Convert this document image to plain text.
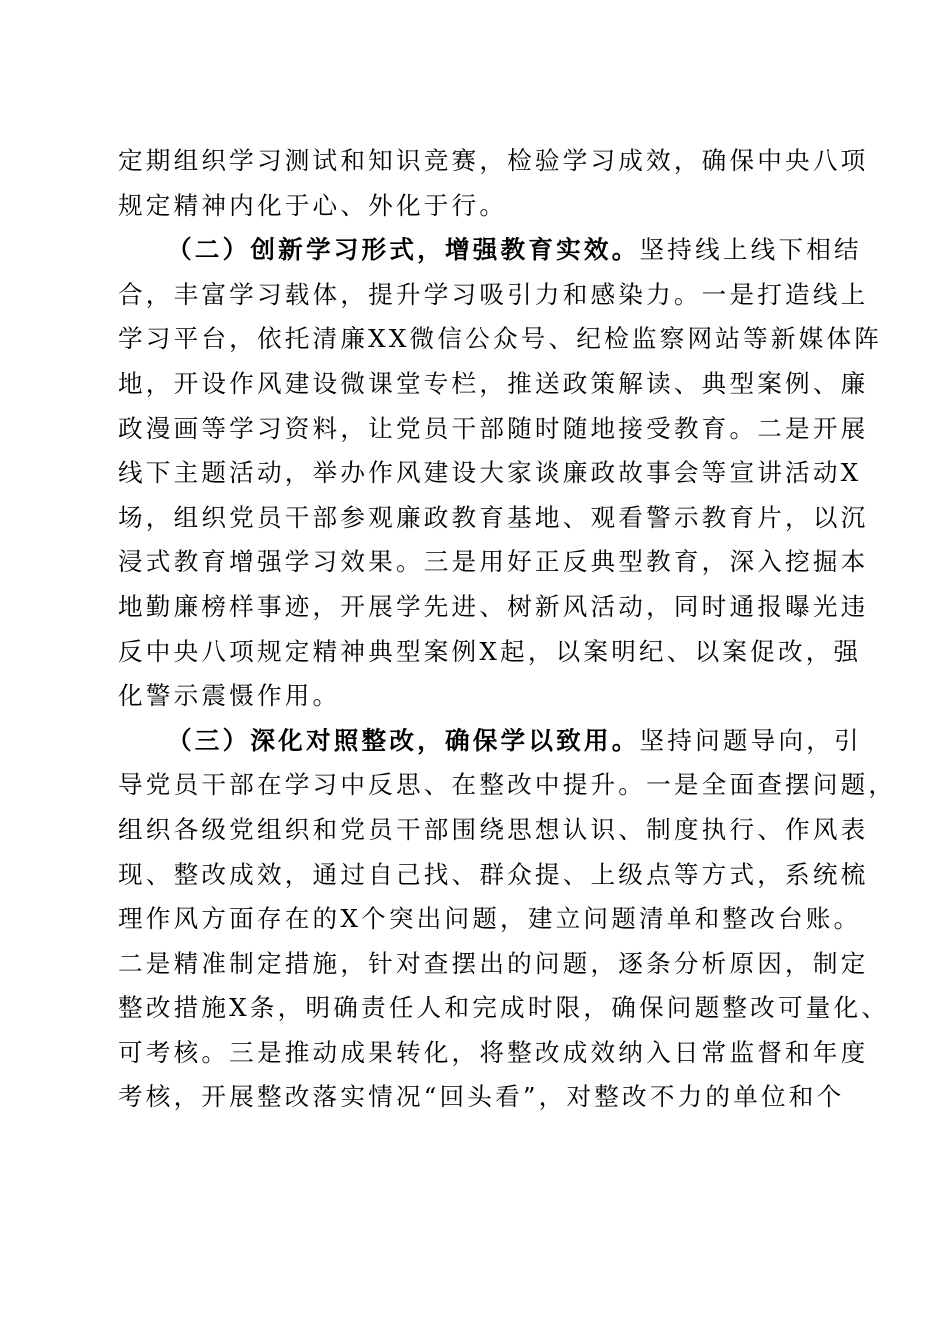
定期组织学习测试和知识竞赛，检验学习成效，确保中央八项
规定精神内化于心、外化于行。
（二）创新学习形式，增强教育实效。坚持线上线下相结
合，丰富学习载体，提升学习吸引力和感染力。一是打造线上
学习平台，依托清廉XX微信公众号、纪检监察网站等新媒体阵
地，开设作风建设微课堂专栏，推送政策解读、典型案例、廉
政漫画等学习资料，让党员干部随时随地接受教育。二是开展
线下主题活动，举办作风建设大家谈廉政故事会等宣讲活动X
场，组织党员干部参观廉政教育基地、观看警示教育片，以沉
浸式教育增强学习效果。三是用好正反典型教育，深入挖掘本
地勤廉榜样事迹，开展学先进、树新风活动，同时通报曝光违
反中央八项规定精神典型案例X起，以案明纪、以案促改，强
化警示震慑作用。
（三）深化对照整改，确保学以致用。坚持问题导向，引
导党员干部在学习中反思、在整改中提升。一是全面查摆问题，
组织各级党组织和党员干部围绕思想认识、制度执行、作风表
现、整改成效，通过自己找、群众提、上级点等方式，系统梳
理作风方面存在的X个突出问题，建立问题清单和整改台账。
二是精准制定措施，针对查摆出的问题，逐条分析原因，制定
整改措施X条，明确责任人和完成时限，确保问题整改可量化、
可考核。三是推动成果转化，将整改成效纳入日常监督和年度
考核，开展整改落实情况“回头看”，对整改不力的单位和个
